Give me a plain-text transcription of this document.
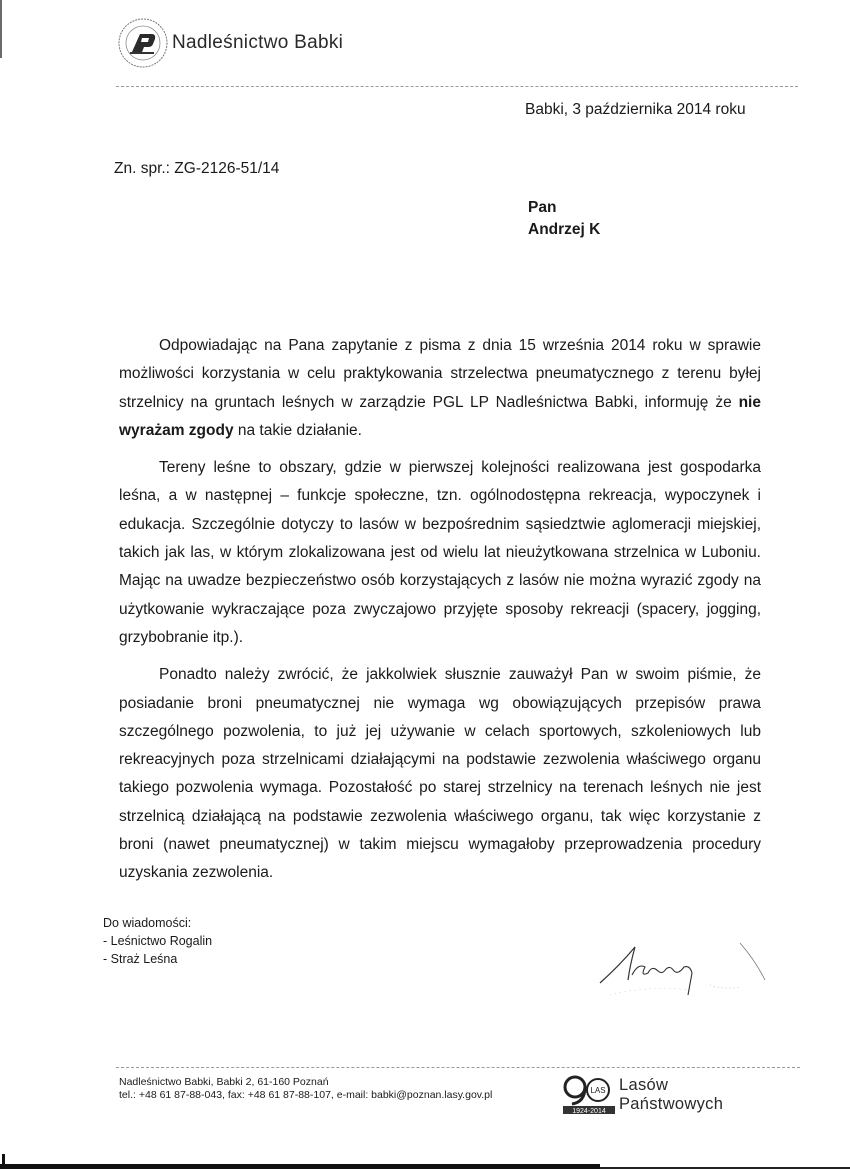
Nadleśnictwo Babki
Babki, 3 października 2014 roku
Zn. spr.: ZG-2126-51/14
Pan
Andrzej K

Odpowiadając na Pana zapytanie z pisma z dnia 15 września 2014 roku w sprawie możliwości korzystania w celu praktykowania strzelectwa pneumatycznego z terenu byłej strzelnicy na gruntach leśnych w zarządzie PGL LP Nadleśnictwa Babki, informuję że nie wyrażam zgody na takie działanie.

Tereny leśne to obszary, gdzie w pierwszej kolejności realizowana jest gospodarka leśna, a w następnej – funkcje społeczne, tzn. ogólnodostępna rekreacja, wypoczynek i edukacja. Szczególnie dotyczy to lasów w bezpośrednim sąsiedztwie aglomeracji miejskiej, takich jak las, w którym zlokalizowana jest od wielu lat nieużytkowana strzelnica w Luboniu. Mając na uwadze bezpieczeństwo osób korzystających z lasów nie można wyrazić zgody na użytkowanie wykraczające poza zwyczajowo przyjęte sposoby rekreacji (spacery, jogging, grzybobranie itp.).

Ponadto należy zwrócić, że jakkolwiek słusznie zauważył Pan w swoim piśmie, że posiadanie broni pneumatycznej nie wymaga wg obowiązujących przepisów prawa szczególnego pozwolenia, to już jej używanie w celach sportowych, szkoleniowych lub rekreacyjnych poza strzelnicami działającymi na podstawie zezwolenia właściwego organu takiego pozwolenia wymaga. Pozostałość po starej strzelnicy na terenach leśnych nie jest strzelnicą działającą na podstawie zezwolenia właściwego organu, tak więc korzystanie z broni (nawet pneumatycznej) w takim miejscu wymagałoby przeprowadzenia procedury uzyskania zezwolenia.

Do wiadomości:
- Leśnictwo Rogalin
- Straż Leśna
Nadleśnictwo Babki, Babki 2, 61-160 Poznań
tel.: +48 61 87-88-043, fax: +48 61 87-88-107, e-mail: babki@poznan.lasy.gov.pl	LAS
1924-2014
Lasów
Państwowych
